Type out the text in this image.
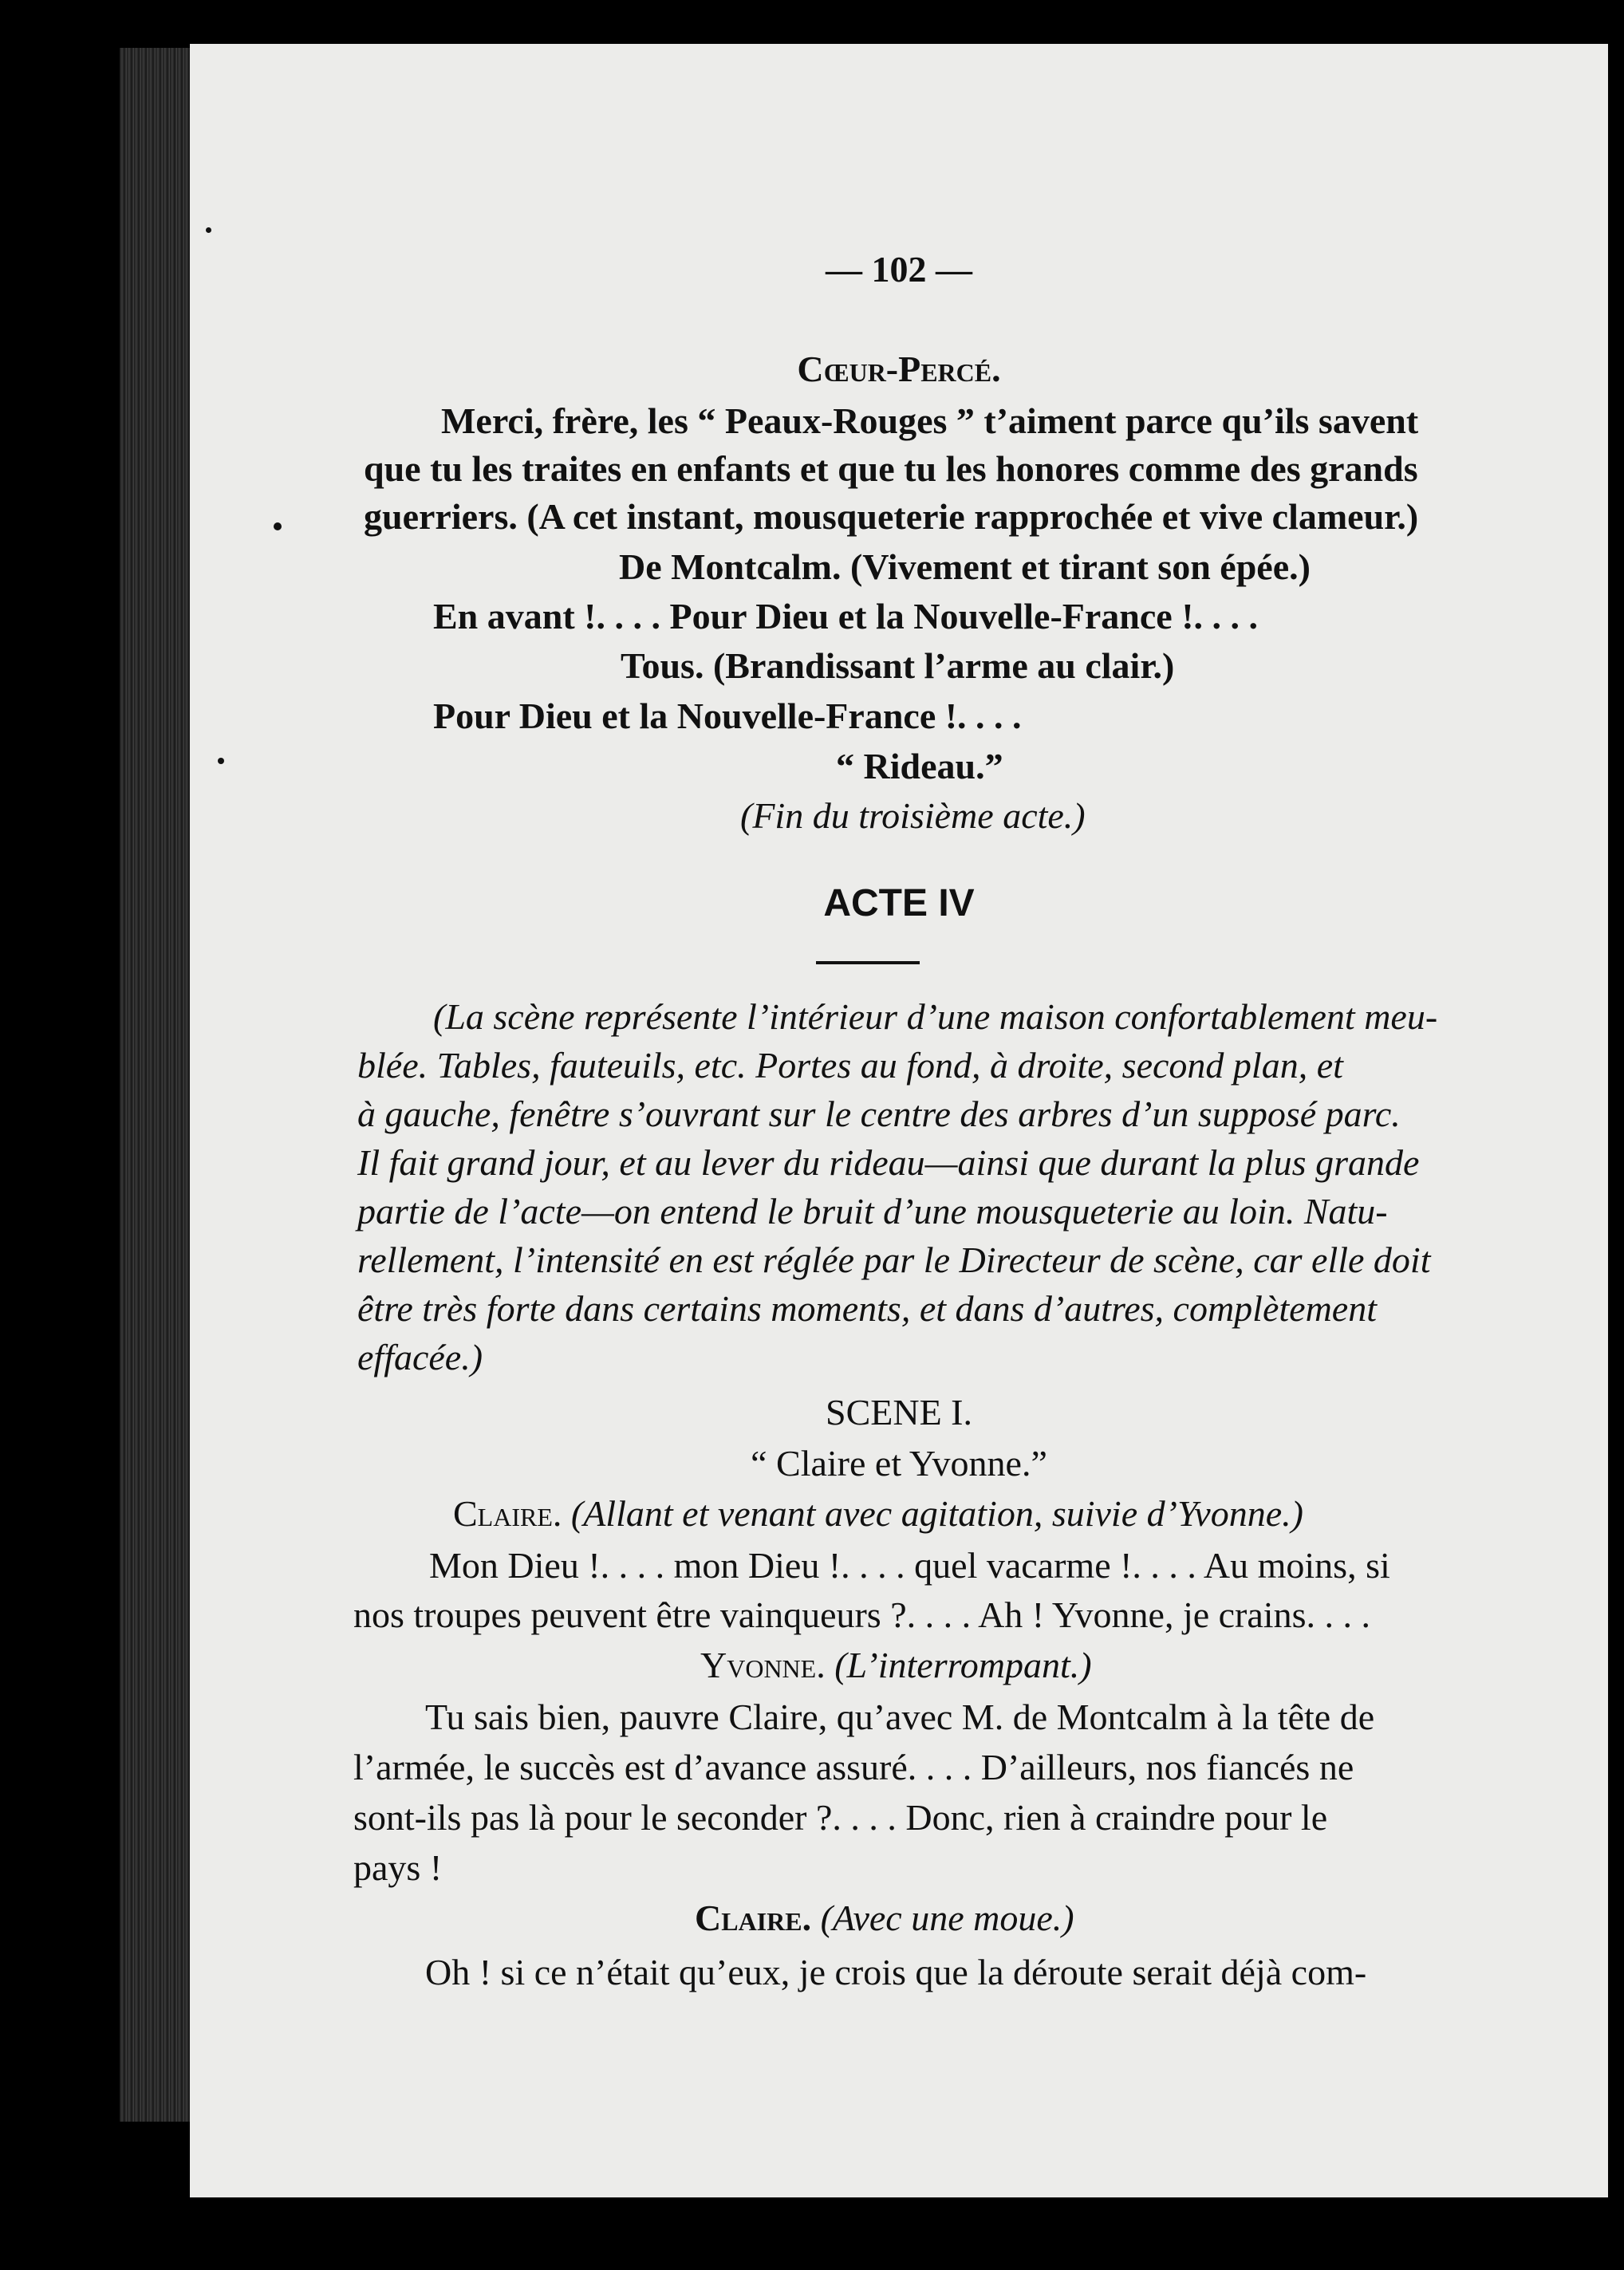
— 102 —
Cœur-Percé.
Merci, frère, les “ Peaux-Rouges ” t’aiment parce qu’ils savent
que tu les traites en enfants et que tu les honores comme des grands
guerriers. (A cet instant, mousqueterie rapprochée et vive clameur.)
De Montcalm. (Vivement et tirant son épée.)
En avant !. . . . Pour Dieu et la Nouvelle-France !. . . .
Tous. (Brandissant l’arme au clair.)
Pour Dieu et la Nouvelle-France !. . . .
“ Rideau.”
(Fin du troisième acte.)
ACTE IV
(La scène représente l’intérieur d’une maison confortablement meu-
blée. Tables, fauteuils, etc. Portes au fond, à droite, second plan, et
à gauche, fenêtre s’ouvrant sur le centre des arbres d’un supposé parc.
Il fait grand jour, et au lever du rideau—ainsi que durant la plus grande
partie de l’acte—on entend le bruit d’une mousqueterie au loin. Natu-
rellement, l’intensité en est réglée par le Directeur de scène, car elle doit
être très forte dans certains moments, et dans d’autres, complètement
effacée.)
SCENE I.
“ Claire et Yvonne.”
Claire. (Allant et venant avec agitation, suivie d’Yvonne.)
Mon Dieu !. . . . mon Dieu !. . . . quel vacarme !. . . . Au moins, si
nos troupes peuvent être vainqueurs ?. . . . Ah ! Yvonne, je crains. . . .
Yvonne. (L’interrompant.)
Tu sais bien, pauvre Claire, qu’avec M. de Montcalm à la tête de
l’armée, le succès est d’avance assuré. . . . D’ailleurs, nos fiancés ne
sont-ils pas là pour le seconder ?. . . . Donc, rien à craindre pour le
pays !
Claire. (Avec une moue.)
Oh ! si ce n’était qu’eux, je crois que la déroute serait déjà com-
